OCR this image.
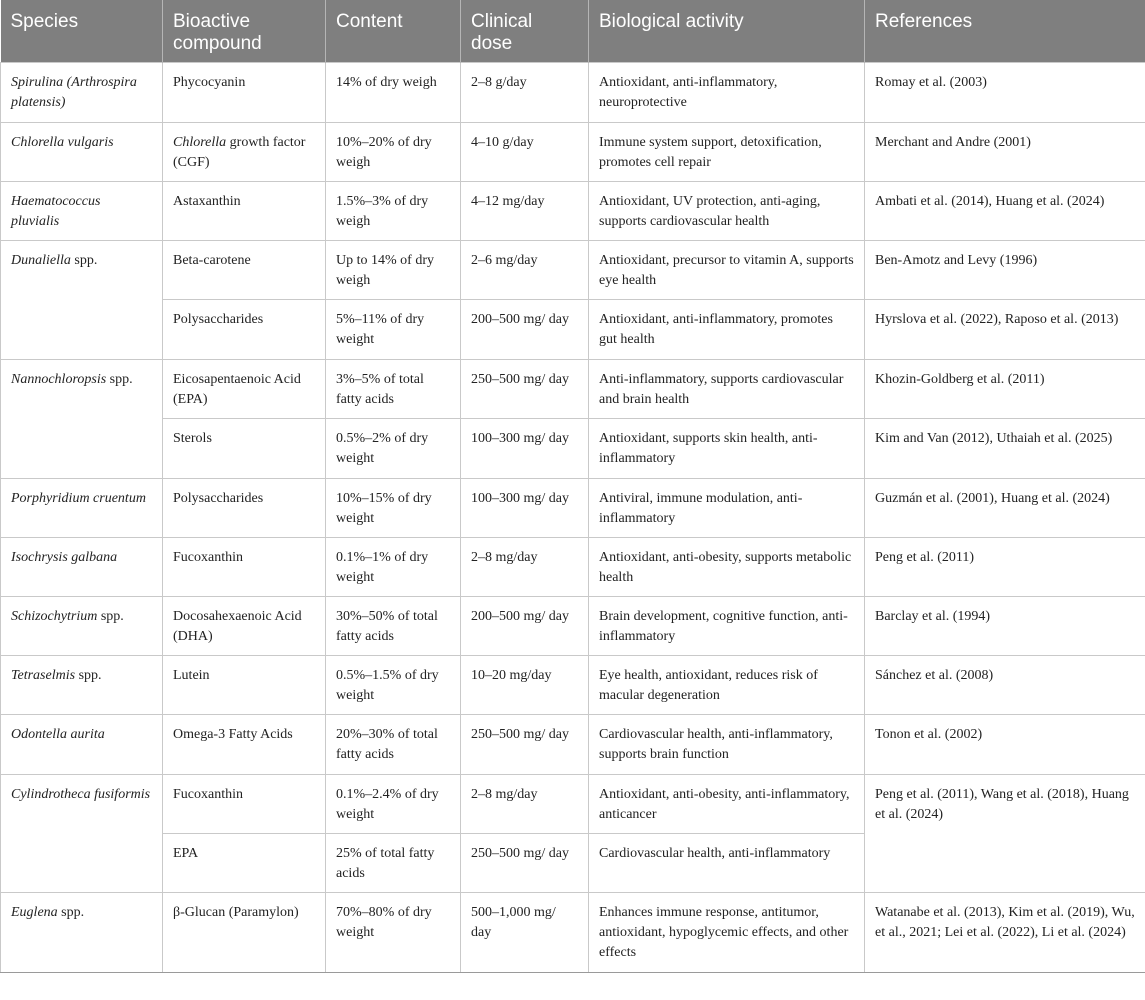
Species	Bioactive compound	Content	Clinical dose	Biological activity	References
Spirulina (Arthrospira platensis)	Phycocyanin	14% of dry weigh	2–8 g/day	Antioxidant, anti-inflammatory, neuroprotective	Romay et al. (2003)
Chlorella vulgaris	Chlorella growth factor (CGF)	10%–20% of dry weigh	4–10 g/day	Immune system support, detoxification, promotes cell repair	Merchant and Andre (2001)
Haematococcus pluvialis	Astaxanthin	1.5%–3% of dry weigh	4–12 mg/day	Antioxidant, UV protection, anti-aging, supports cardiovascular health	Ambati et al. (2014), Huang et al. (2024)
Dunaliella spp.	Beta-carotene	Up to 14% of dry weigh	2–6 mg/day	Antioxidant, precursor to vitamin A, supports eye health	Ben-Amotz and Levy (1996)
	Polysaccharides	5%–11% of dry weight	200–500 mg/ day	Antioxidant, anti-inflammatory, promotes gut health	Hyrslova et al. (2022), Raposo et al. (2013)
Nannochloropsis spp.	Eicosapentaenoic Acid (EPA)	3%–5% of total fatty acids	250–500 mg/ day	Anti-inflammatory, supports cardiovascular and brain health	Khozin-Goldberg et al. (2011)
	Sterols	0.5%–2% of dry weight	100–300 mg/ day	Antioxidant, supports skin health, anti-inflammatory	Kim and Van (2012), Uthaiah et al. (2025)
Porphyridium cruentum	Polysaccharides	10%–15% of dry weight	100–300 mg/ day	Antiviral, immune modulation, anti-inflammatory	Guzmán et al. (2001), Huang et al. (2024)
Isochrysis galbana	Fucoxanthin	0.1%–1% of dry weight	2–8 mg/day	Antioxidant, anti-obesity, supports metabolic health	Peng et al. (2011)
Schizochytrium spp.	Docosahexaenoic Acid (DHA)	30%–50% of total fatty acids	200–500 mg/ day	Brain development, cognitive function, anti-inflammatory	Barclay et al. (1994)
Tetraselmis spp.	Lutein	0.5%–1.5% of dry weight	10–20 mg/day	Eye health, antioxidant, reduces risk of macular degeneration	Sánchez et al. (2008)
Odontella aurita	Omega-3 Fatty Acids	20%–30% of total fatty acids	250–500 mg/ day	Cardiovascular health, anti-inflammatory, supports brain function	Tonon et al. (2002)
Cylindrotheca fusiformis	Fucoxanthin	0.1%–2.4% of dry weight	2–8 mg/day	Antioxidant, anti-obesity, anti-inflammatory, anticancer	Peng et al. (2011), Wang et al. (2018), Huang et al. (2024)
	EPA	25% of total fatty acids	250–500 mg/ day	Cardiovascular health, anti-inflammatory	
Euglena spp.	β-Glucan (Paramylon)	70%–80% of dry weight	500–1,000 mg/ day	Enhances immune response, antitumor, antioxidant, hypoglycemic effects, and other effects	Watanabe et al. (2013), Kim et al. (2019), Wu, et al., 2021; Lei et al. (2022), Li et al. (2024)
